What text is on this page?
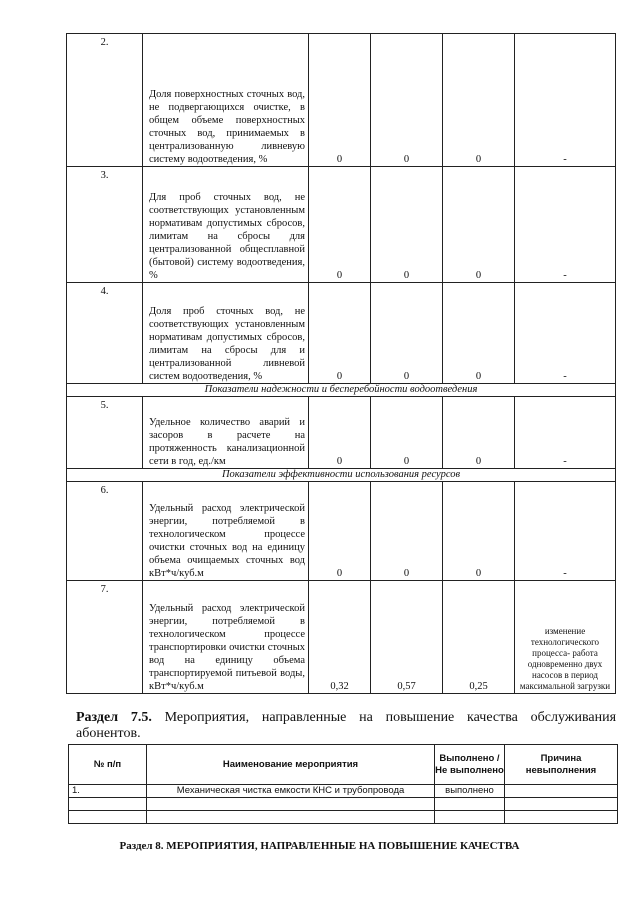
2.	Доля поверхностных сточных вод, не подвергающихся очистке, в общем объеме поверхностных сточных вод, принимаемых в централизованную ливневую систему водоотведения, %	0	0	0	-
3.	Для проб сточных вод, не соответствующих установленным нормативам допустимых сбросов, лимитам на сбросы для централизованной общесплавной (бытовой) систему водоотведения, %	0	0	0	-
4.	Доля проб сточных вод, не соответствующих установленным нормативам допустимых сбросов, лимитам на сбросы для и централизованной ливневой систем водоотведения, %	0	0	0	-
Показатели надежности и бесперебойности водоотведения					
5.	Удельное количество аварий и засоров в расчете на протяженность канализационной сети в год, ед./км	0	0	0	-
Показатели эффективности использования ресурсов					
6.	Удельный расход электрической энергии, потребляемой в технологическом процессе очистки сточных вод на единицу объема очищаемых сточных вод кВт*ч/куб.м	0	0	0	-
7.	Удельный расход электрической энергии, потребляемой в технологическом процессе транспортировки очистки сточных вод на единицу объема транспортируемой питьевой воды, кВт*ч/куб.м	0,32	0,57	0,25	изменение технологического процесса- работа одновременно двух насосов в период максимальной загрузки

Раздел 7.5. Мероприятия, направленные на повышение качества обслуживания абонентов.

№ п/п	Наименование мероприятия	Выполнено / Не выполнено	Причина невыполнения
1.	Механическая чистка емкости КНС и трубопровода	выполнено	

Раздел 8. МЕРОПРИЯТИЯ, НАПРАВЛЕННЫЕ НА ПОВЫШЕНИЕ КАЧЕСТВА
